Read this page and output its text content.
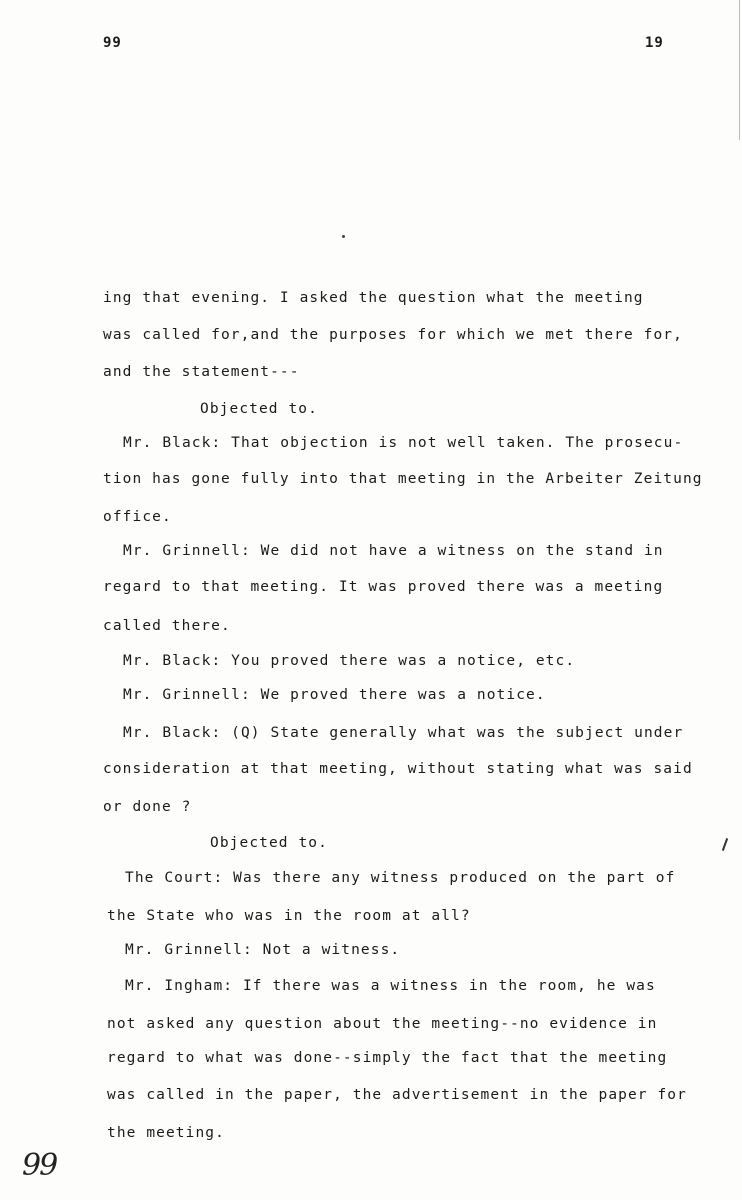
99	19
ing that evening. I asked the question what the meeting
was called for,and the purposes for which we met there for,
and the statement---
Objected to.
Mr. Black: That objection is not well taken. The prosecu-
tion has gone fully into that meeting in the Arbeiter Zeitung
office.
Mr. Grinnell: We did not have a witness on the stand in
regard to that meeting. It was proved there was a meeting
called there.
Mr. Black: You proved there was a notice, etc.
Mr. Grinnell: We proved there was a notice.
Mr. Black: (Q) State generally what was the subject under
consideration at that meeting, without stating what was said
or done ?
Objected to.
The Court: Was there any witness produced on the part of
the State who was in the room at all?
Mr. Grinnell: Not a witness.
Mr. Ingham: If there was a witness in the room, he was
not asked any question about the meeting--no evidence in
regard to what was done--simply the fact that the meeting
was called in the paper, the advertisement in the paper for
the meeting.
99
